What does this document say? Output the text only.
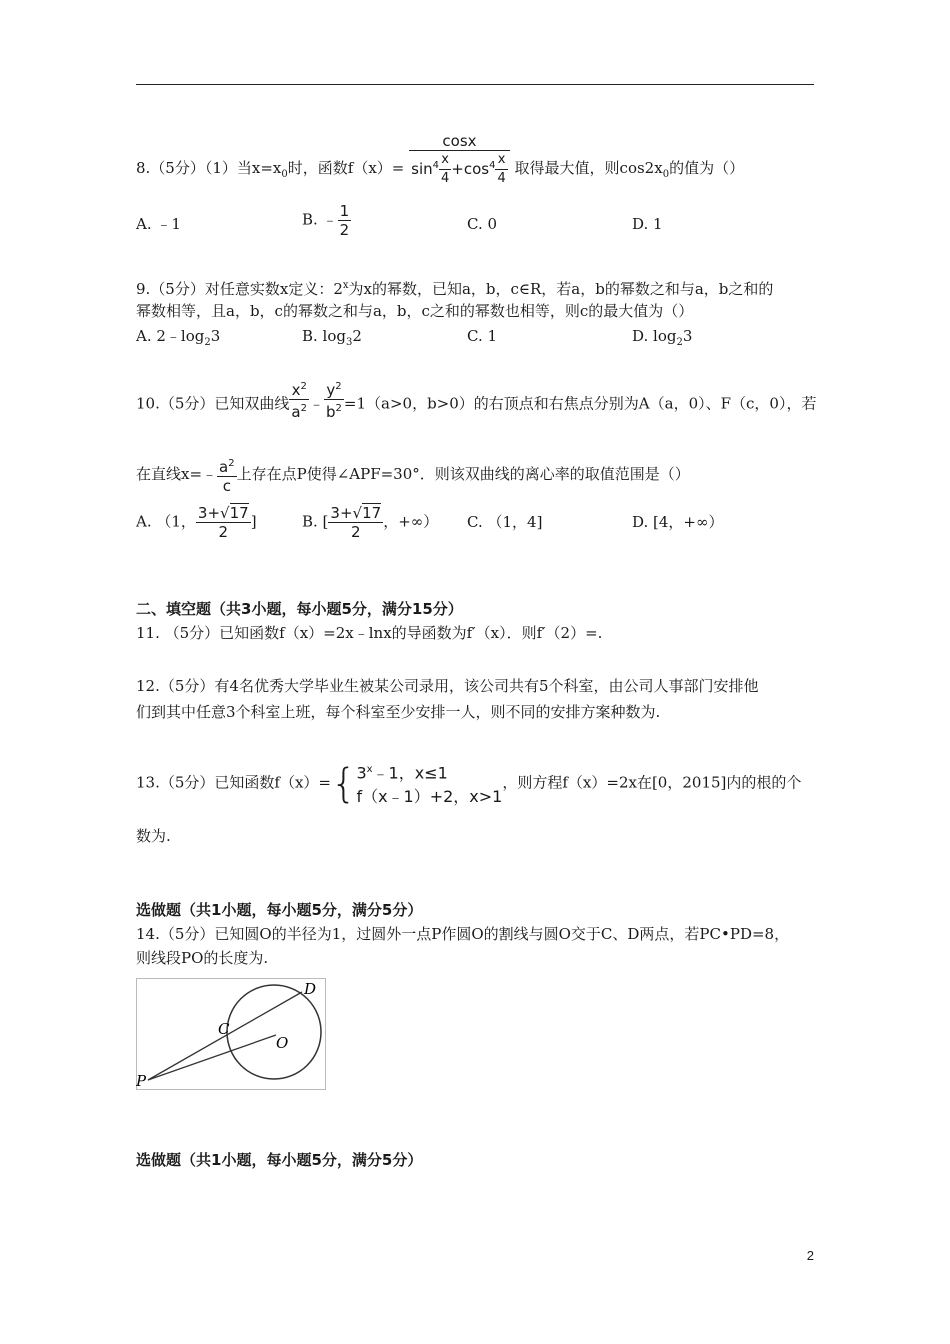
8.（5分）（1）当$x=x_0$时，函数$f(x)= \frac{\cos x}{\sin^4 \frac{x}{4} +\cos^4 \frac{x}{4}}$ 取得最大值，则$\cos 2x_0$的值为（）
A. ﹣1	B. ﹣ $\frac{1}{2}$	C. 0	D. 1
9.（5分）对任意实数x定义：2$^x$为x的幂数，已知a，b，c∈R，若a，b的幂数之和与a，b之和的
幂数相等，且a，b，c的幂数之和与a，b，c之和的幂数也相等，则c的最大值为（）
A. $2﹣\log_23$	B. $\log_32$	C. 1	D. $\log_23$
10.（5分）已知双曲线 $\frac{x^2}{a^2}$ ﹣ $\frac{y^2}{b^2} =1(a>0$，b>0）的右顶点和右焦点分别为A（a，0）、F（c，0），若
在直线x=﹣ $\frac{a^2}{c}$ 上存在点P使得∠APF=30°．则该双曲线的离心率的取值范围是（）
A. （1， $\frac{3+√17}{2}$ ]	B. [ $\frac{3+√17}{2}$ ，+∞） C. （1，4]	D. [4，+∞）
二、填空题（共3小题，每小题5分，满分15分）
11. （5分）已知函数f（x）=2x﹣lnx的导函数为f′（x）．则f′（2）=.
12.（5分）有4名优秀大学毕业生被某公司录用，该公司共有5个科室，由公司人事部门安排他
们到其中任意3个科室上班，每个科室至少安排一人，则不同的安排方案种数为.
13.（5分）已知函数f（x）={ 3$^x$﹣1，x≤1
f（x﹣1）+2，x>1
，则方程f（x）=2x在[0，2015]内的根的个
数为.
选做题（共1小题，每小题5分，满分5分）
14.（5分）已知圆O的半径为1，过圆外一点P作圆O的割线与圆O交于C、D两点，若PC•PD=8，
则线段PO的长度为.
D
C
O
P
选做题（共1小题，每小题5分，满分5分）
2
